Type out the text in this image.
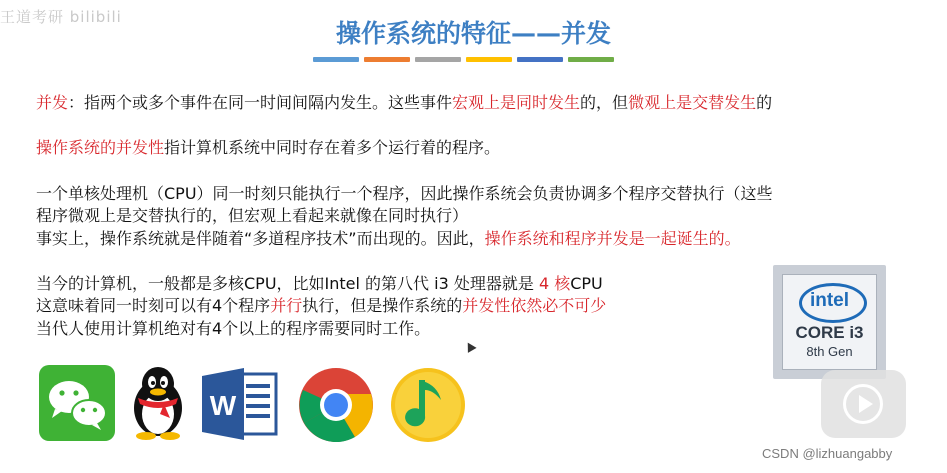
王道考研 bilibili
操作系统的特征——并发
并发：指两个或多个事件在同一时间间隔内发生。这些事件宏观上是同时发生的，但微观上是交替发生的
操作系统的并发性指计算机系统中同时存在着多个运行着的程序。
一个单核处理机（CPU）同一时刻只能执行一个程序，因此操作系统会负责协调多个程序交替执行（这些
程序微观上是交替执行的，但宏观上看起来就像在同时执行）
事实上，操作系统就是伴随着“多道程序技术”而出现的。因此，操作系统和程序并发是一起诞生的。
当今的计算机，一般都是多核CPU，比如Intel 的第八代 i3 处理器就是 4 核CPU
这意味着同一时刻可以有4个程序并行执行，但是操作系统的并发性依然必不可少
当代人使用计算机绝对有4个以上的程序需要同时工作。
W
intel
CORE i3
8th Gen
CSDN @lizhuangabby
